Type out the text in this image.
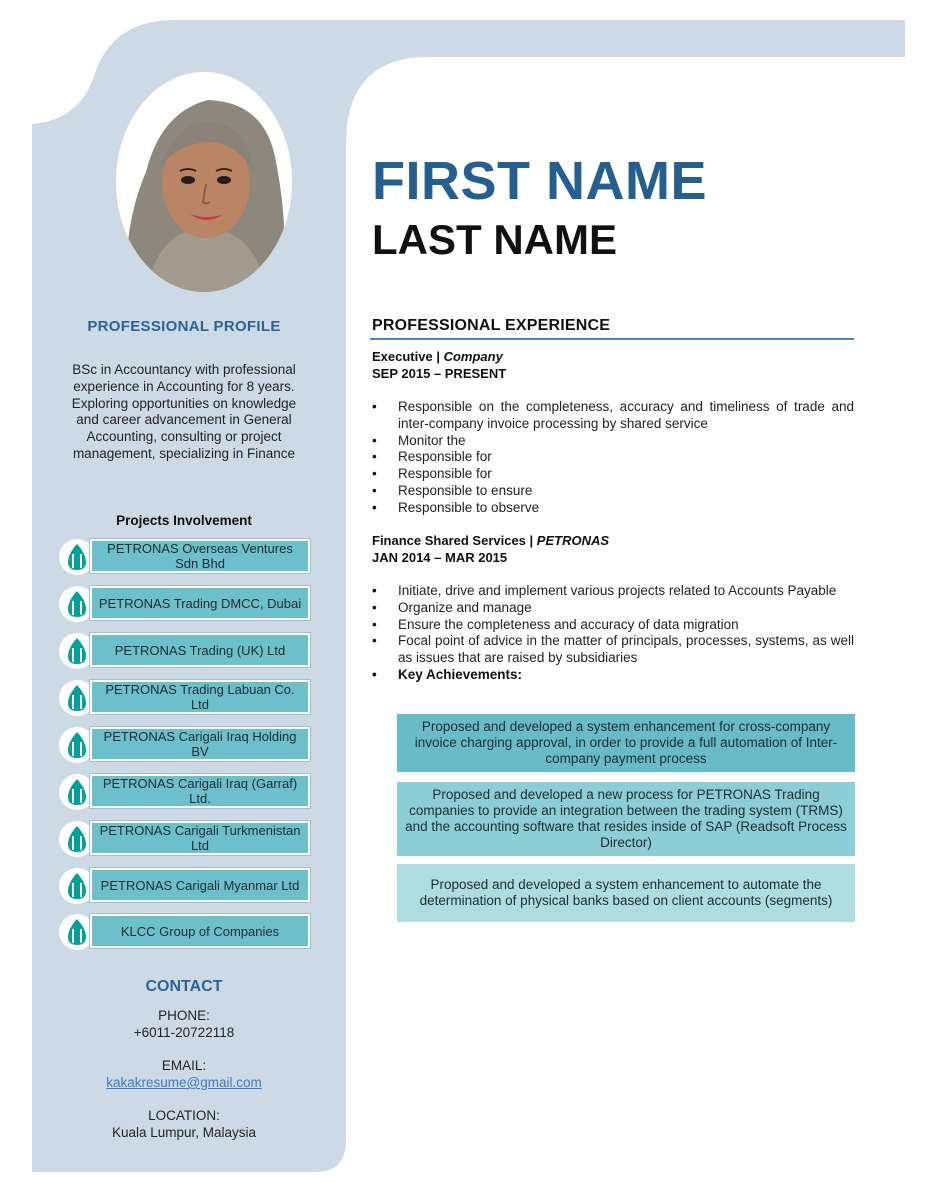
PROFESSIONAL PROFILE
BSc in Accountancy with professional experience in Accounting for 8 years. Exploring opportunities on knowledge and career advancement in General Accounting, consulting or project management, specializing in Finance
Projects Involvement
PETRONAS Overseas Ventures Sdn Bhd
PETRONAS Trading DMCC, Dubai
PETRONAS Trading (UK) Ltd
PETRONAS Trading Labuan Co. Ltd
PETRONAS Carigali Iraq Holding BV
PETRONAS Carigali Iraq (Garraf) Ltd.
PETRONAS Carigali Turkmenistan Ltd
PETRONAS Carigali Myanmar Ltd
KLCC Group of Companies
CONTACT
PHONE:
+6011-20722118
EMAIL:
kakakresume@gmail.com
LOCATION:
Kuala Lumpur, Malaysia
FIRST NAME
LAST NAME
PROFESSIONAL EXPERIENCE
Executive | Company
SEP 2015 – PRESENT
• Responsible on the completeness, accuracy and timeliness of trade and inter-company invoice processing by shared service
• Monitor the
• Responsible for
• Responsible for
• Responsible to ensure
• Responsible to observe
Finance Shared Services | PETRONAS
JAN 2014 – MAR 2015
• Initiate, drive and implement various projects related to Accounts Payable
• Organize and manage
• Ensure the completeness and accuracy of data migration
• Focal point of advice in the matter of principals, processes, systems, as well as issues that are raised by subsidiaries
• Key Achievements:
Proposed and developed a system enhancement for cross-company invoice charging approval, in order to provide a full automation of Inter-company payment process
Proposed and developed a new process for PETRONAS Trading companies to provide an integration between the trading system (TRMS) and the accounting software that resides inside of SAP (Readsoft Process Director)
Proposed and developed a system enhancement to automate the determination of physical banks based on client accounts (segments)
